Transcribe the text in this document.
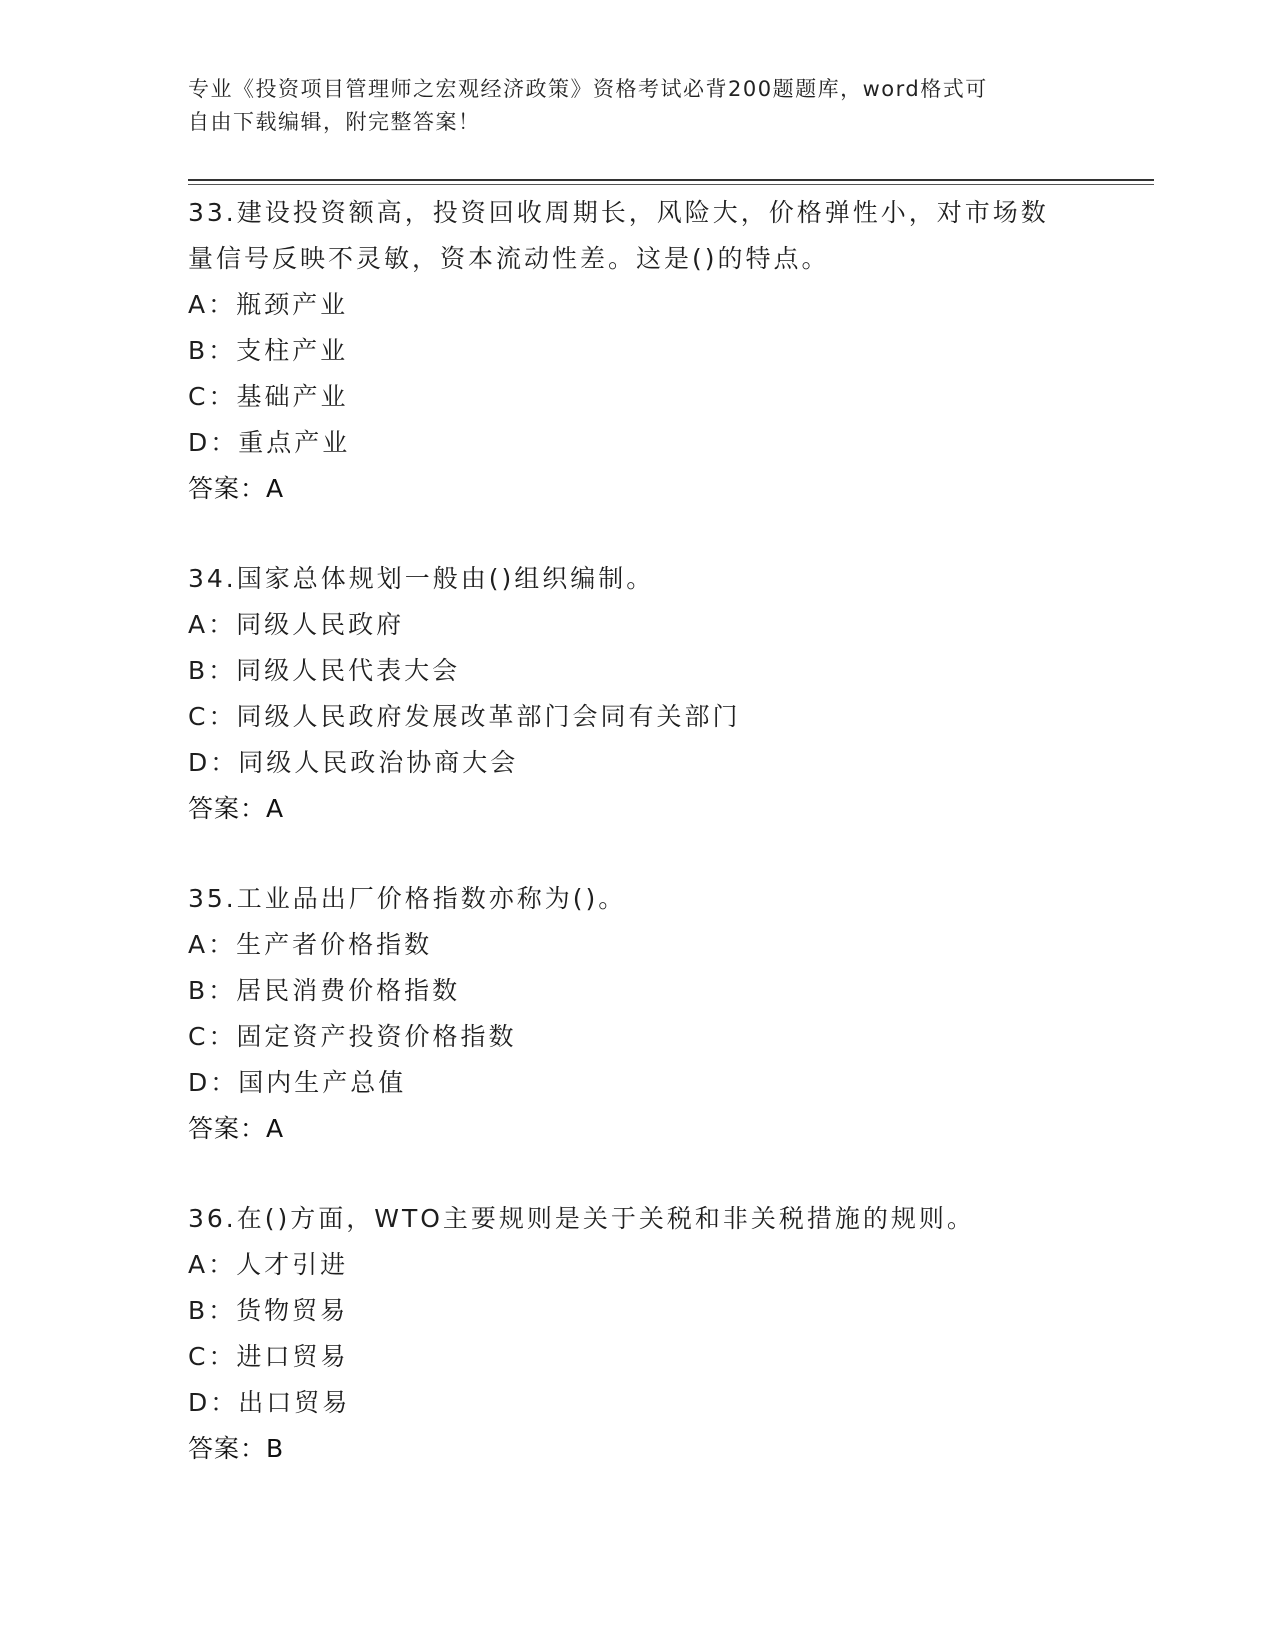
专业《投资项目管理师之宏观经济政策》资格考试必背200题题库，word格式可
自由下载编辑，附完整答案！

33.建设投资额高，投资回收周期长，风险大，价格弹性小，对市场数

量信号反映不灵敏，资本流动性差。这是()的特点。

A：瓶颈产业

B：支柱产业

C：基础产业

D：重点产业

答案：A

34.国家总体规划一般由()组织编制。

A：同级人民政府

B：同级人民代表大会

C：同级人民政府发展改革部门会同有关部门

D：同级人民政治协商大会

答案：A

35.工业品出厂价格指数亦称为()。

A：生产者价格指数

B：居民消费价格指数

C：固定资产投资价格指数

D：国内生产总值

答案：A

36.在()方面，WTO主要规则是关于关税和非关税措施的规则。

A：人才引进

B：货物贸易

C：进口贸易

D：出口贸易

答案：B
